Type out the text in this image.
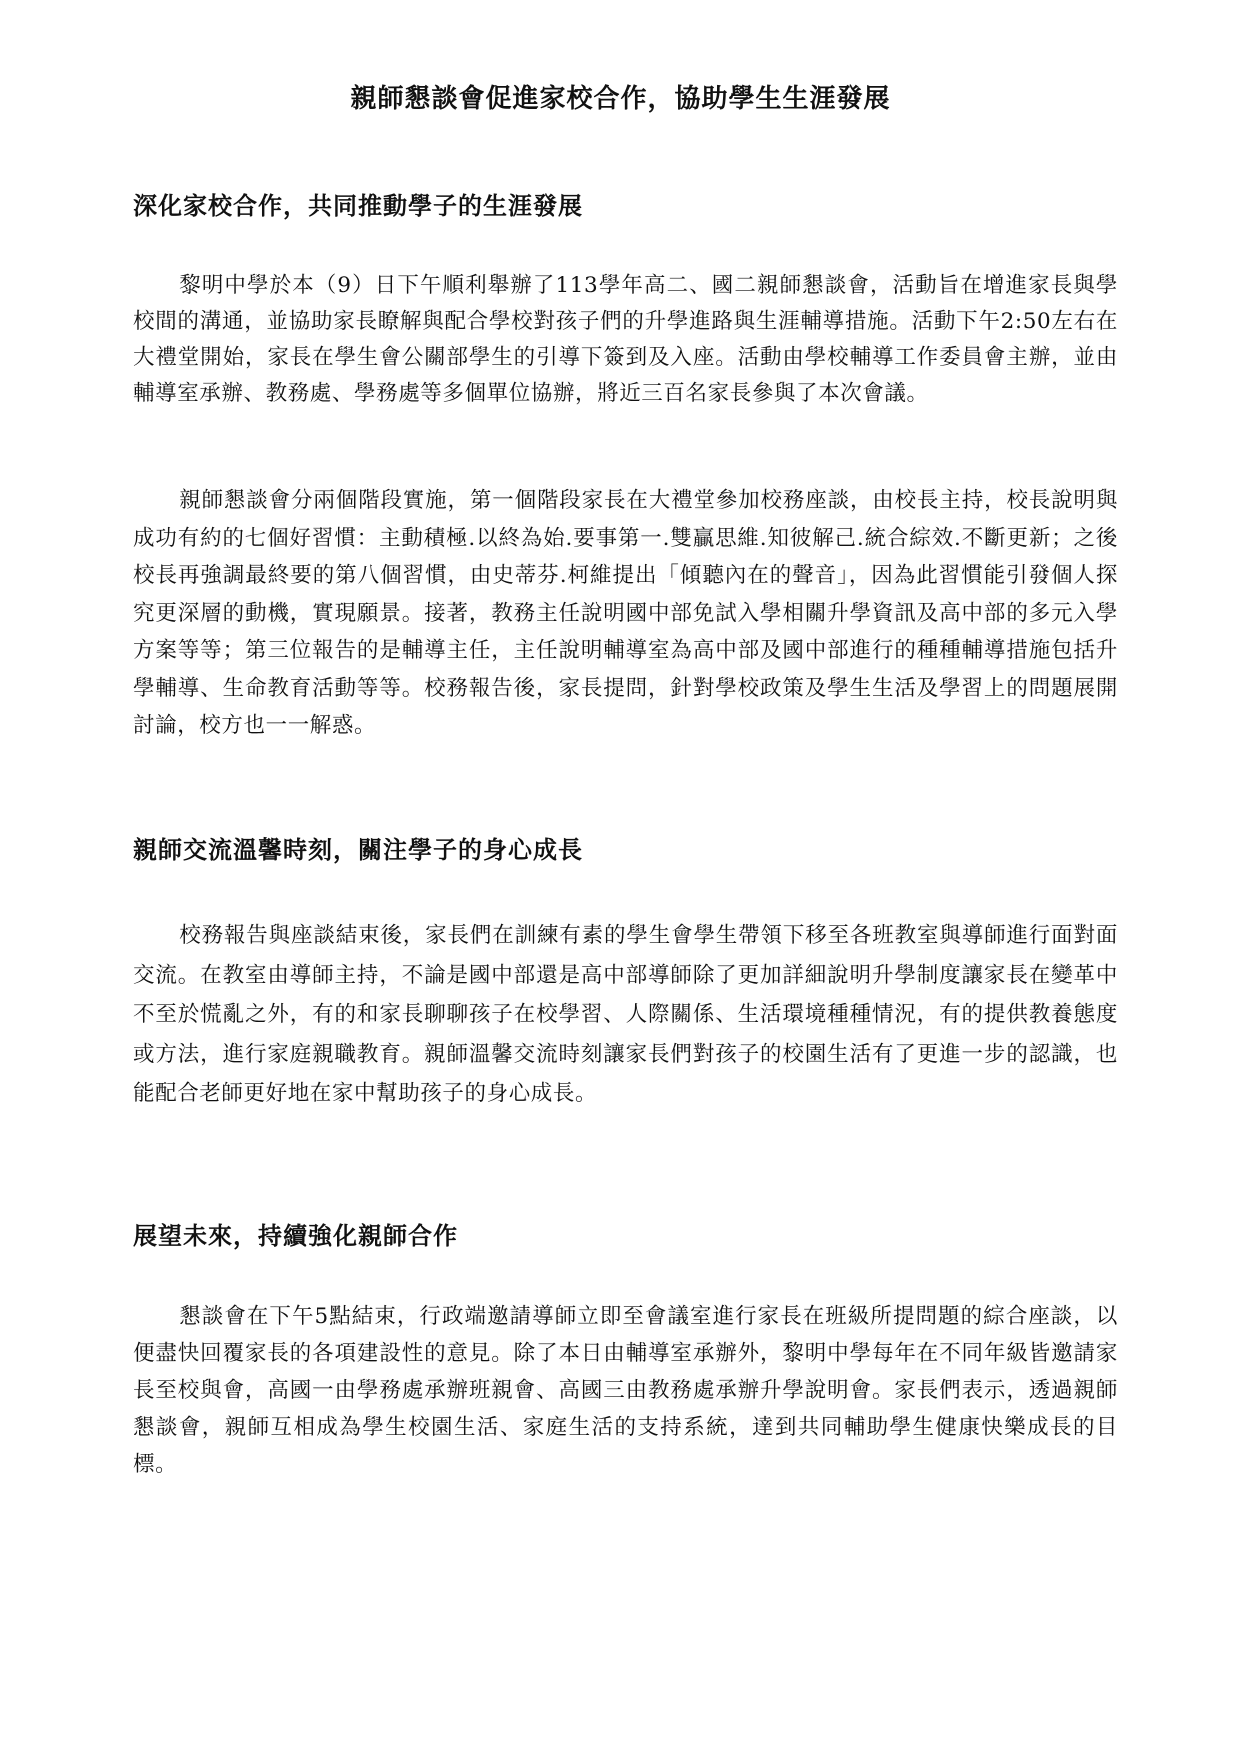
親師懇談會促進家校合作，協助學生生涯發展
深化家校合作，共同推動學子的生涯發展

黎明中學於本（9）日下午順利舉辦了113學年高二、國二親師懇談會，活動旨在增進家長與學校間的溝通，並協助家長瞭解與配合學校對孩子們的升學進路與生涯輔導措施。活動下午2:50左右在大禮堂開始，家長在學生會公關部學生的引導下簽到及入座。活動由學校輔導工作委員會主辦，並由輔導室承辦、教務處、學務處等多個單位協辦，將近三百名家長參與了本次會議。

親師懇談會分兩個階段實施，第一個階段家長在大禮堂參加校務座談，由校長主持，校長說明與成功有約的七個好習慣：主動積極.以終為始.要事第一.雙贏思維.知彼解己.統合綜效.不斷更新；之後校長再強調最終要的第八個習慣，由史蒂芬.柯維提出「傾聽內在的聲音」，因為此習慣能引發個人探究更深層的動機，實現願景。接著，教務主任說明國中部免試入學相關升學資訊及高中部的多元入學方案等等；第三位報告的是輔導主任，主任說明輔導室為高中部及國中部進行的種種輔導措施包括升學輔導、生命教育活動等等。校務報告後，家長提問，針對學校政策及學生生活及學習上的問題展開討論，校方也一一解惑。

親師交流溫馨時刻，關注學子的身心成長

校務報告與座談結束後，家長們在訓練有素的學生會學生帶領下移至各班教室與導師進行面對面交流。在教室由導師主持，不論是國中部還是高中部導師除了更加詳細說明升學制度讓家長在變革中不至於慌亂之外，有的和家長聊聊孩子在校學習、人際關係、生活環境種種情況，有的提供教養態度或方法，進行家庭親職教育。親師溫馨交流時刻讓家長們對孩子的校園生活有了更進一步的認識，也能配合老師更好地在家中幫助孩子的身心成長。

展望未來，持續強化親師合作

懇談會在下午5點結束，行政端邀請導師立即至會議室進行家長在班級所提問題的綜合座談，以便盡快回覆家長的各項建設性的意見。除了本日由輔導室承辦外，黎明中學每年在不同年級皆邀請家長至校與會，高國一由學務處承辦班親會、高國三由教務處承辦升學說明會。家長們表示，透過親師懇談會，親師互相成為學生校園生活、家庭生活的支持系統，達到共同輔助學生健康快樂成長的目標。
